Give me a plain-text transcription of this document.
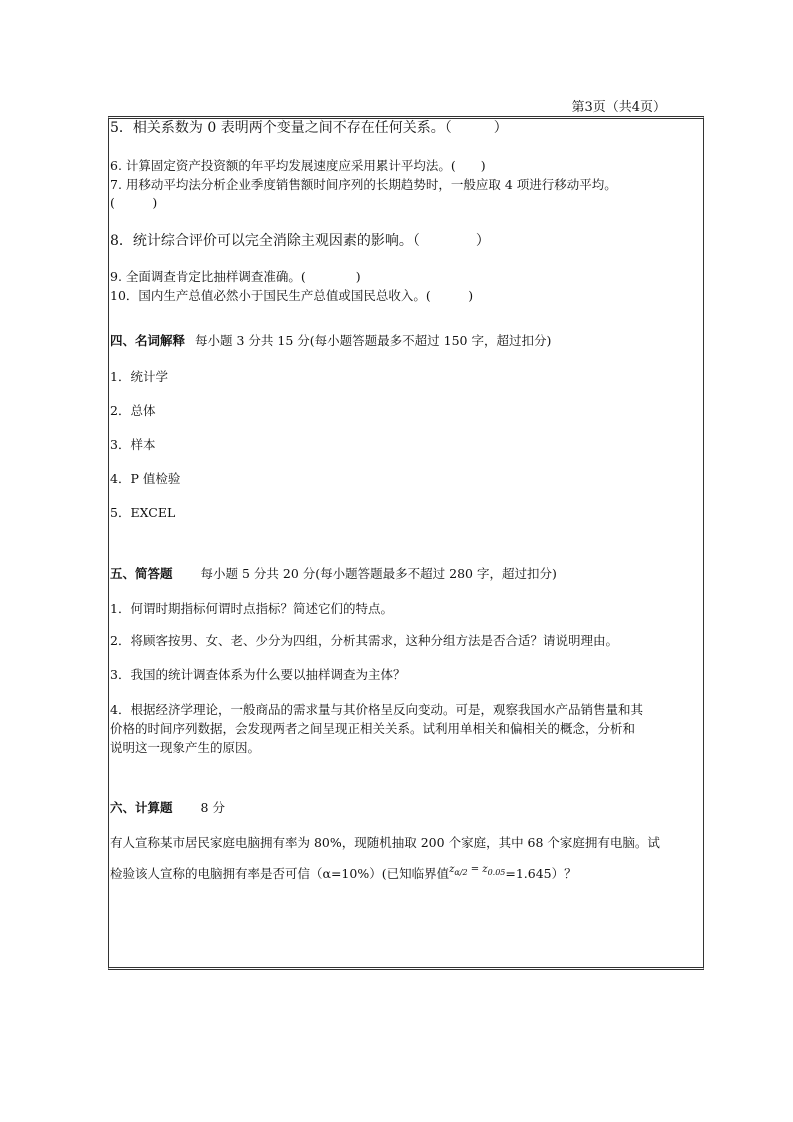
第3页（共4页）
5．相关系数为 0 表明两个变量之间不存在任何关系。（　　　）
6. 计算固定资产投资额的年平均发展速度应采用累计平均法。(　　)
7. 用移动平均法分析企业季度销售额时间序列的长期趋势时，一般应取 4 项进行移动平均。
(　　　)
8．统计综合评价可以完全消除主观因素的影响。（　　　　）
9. 全面调查肯定比抽样调查准确。(　　　　)
10．国内生产总值必然小于国民生产总值或国民总收入。(　　　)
四、名词解释 每小题 3 分共 15 分(每小题答题最多不超过 150 字，超过扣分)
1．统计学
2．总体
3．样本
4．P 值检验
5．EXCEL
五、简答题 每小题 5 分共 20 分(每小题答题最多不超过 280 字，超过扣分)
1．何谓时期指标何谓时点指标？简述它们的特点。
2．将顾客按男、女、老、少分为四组，分析其需求，这种分组方法是否合适？请说明理由。
3．我国的统计调查体系为什么要以抽样调查为主体？
4．根据经济学理论，一般商品的需求量与其价格呈反向变动。可是，观察我国水产品销售量和其
价格的时间序列数据，会发现两者之间呈现正相关关系。试利用单相关和偏相关的概念，分析和
说明这一现象产生的原因。
六、计算题 8 分
有人宣称某市居民家庭电脑拥有率为 80%，现随机抽取 200 个家庭，其中 68 个家庭拥有电脑。试
检验该人宣称的电脑拥有率是否可信（α=10%）(已知临界值$^{z_{\alpha/2} = z_{0.05}}$=1.645）？
